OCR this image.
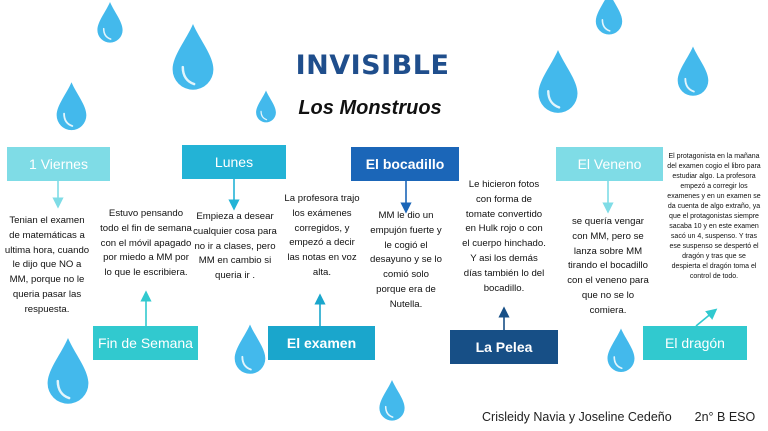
INVISIBLE
Los Monstruos
1 Viernes
Fin de Semana
Lunes
El examen
El bocadillo
La Pelea
El Veneno
El dragón
Tenian el examen de matemáticas a ultima hora, cuando le dijo que NO a MM, porque no le queria pasar las respuesta.
Estuvo pensando todo el fin de semana con el móvil apagado por miedo a MM por lo que le escribiera.
Empieza a desear cualquier cosa para no ir a clases, pero MM en cambio si queria ir .
La profesora trajo los exámenes corregidos, y empezó a decir las notas en voz alta.
MM le dio un empujón fuerte y le cogió el desayuno y se lo comió solo porque era de Nutella.
Le hicieron fotos con forma de tomate convertido en Hulk rojo o con el cuerpo hinchado. Y asi los demás días también lo del bocadillo.
se quería vengar con MM, pero se lanza sobre MM tirando el bocadillo con el veneno para que no se lo comiera.
El protagonista en la mañana del examen cogio el libro para estudiar algo. La profesora empezó a corregir los examenes y en un examen se da cuenta de algo extraño, ya que el protagonistas siempre sacaba 10 y en este examen sacó un 4, suspenso. Y tras ese suspenso se despertó el dragón y tras que se despierta el dragón toma el control de todo.
Crisleidy Navia y Joseline Cedeño 2n° B ESO
